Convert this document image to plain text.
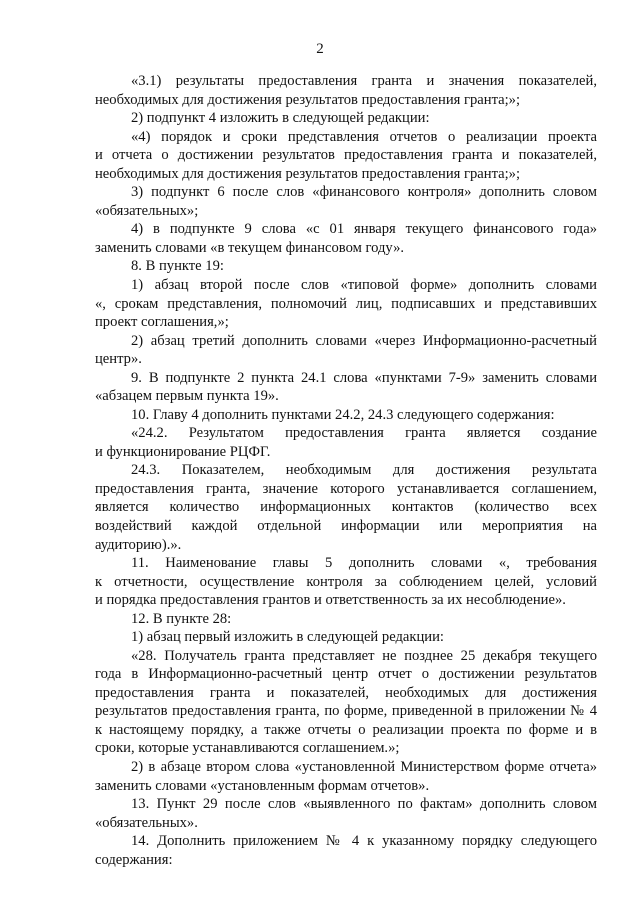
2
«3.1) результаты предоставления гранта и значения показателей,
необходимых для достижения результатов предоставления гранта;»;
2) подпункт 4 изложить в следующей редакции:
«4) порядок и сроки представления отчетов о реализации проекта
и отчета о достижении результатов предоставления гранта и показателей,
необходимых для достижения результатов предоставления гранта;»;
3) подпункт 6 после слов «финансового контроля» дополнить словом
«обязательных»;
4) в подпункте 9 слова «с 01 января текущего финансового года»
заменить словами «в текущем финансовом году».
8. В пункте 19:
1) абзац второй после слов «типовой форме» дополнить словами
«, срокам представления, полномочий лиц, подписавших и представивших
проект соглашения,»;
2) абзац третий дополнить словами «через Информационно-расчетный
центр».
9. В подпункте 2 пункта 24.1 слова «пунктами 7-9» заменить словами
«абзацем первым пункта 19».
10. Главу 4 дополнить пунктами 24.2, 24.3 следующего содержания:
«24.2. Результатом предоставления гранта является создание
и функционирование РЦФГ.
24.3. Показателем, необходимым для достижения результата
предоставления гранта, значение которого устанавливается соглашением,
является количество информационных контактов (количество всех
воздействий каждой отдельной информации или мероприятия на
аудиторию).».
11. Наименование главы 5 дополнить словами «, требования
к отчетности, осуществление контроля за соблюдением целей, условий
и порядка предоставления грантов и ответственность за их несоблюдение».
12. В пункте 28:
1) абзац первый изложить в следующей редакции:
«28. Получатель гранта представляет не позднее 25 декабря текущего
года в Информационно-расчетный центр отчет о достижении результатов
предоставления гранта и показателей, необходимых для достижения
результатов предоставления гранта, по форме, приведенной в приложении № 4
к настоящему порядку, а также отчеты о реализации проекта по форме и в
сроки, которые устанавливаются соглашением.»;
2) в абзаце втором слова «установленной Министерством форме отчета»
заменить словами «установленным формам отчетов».
13. Пункт 29 после слов «выявленного по фактам» дополнить словом
«обязательных».
14. Дополнить приложением № 4 к указанному порядку следующего
содержания:
